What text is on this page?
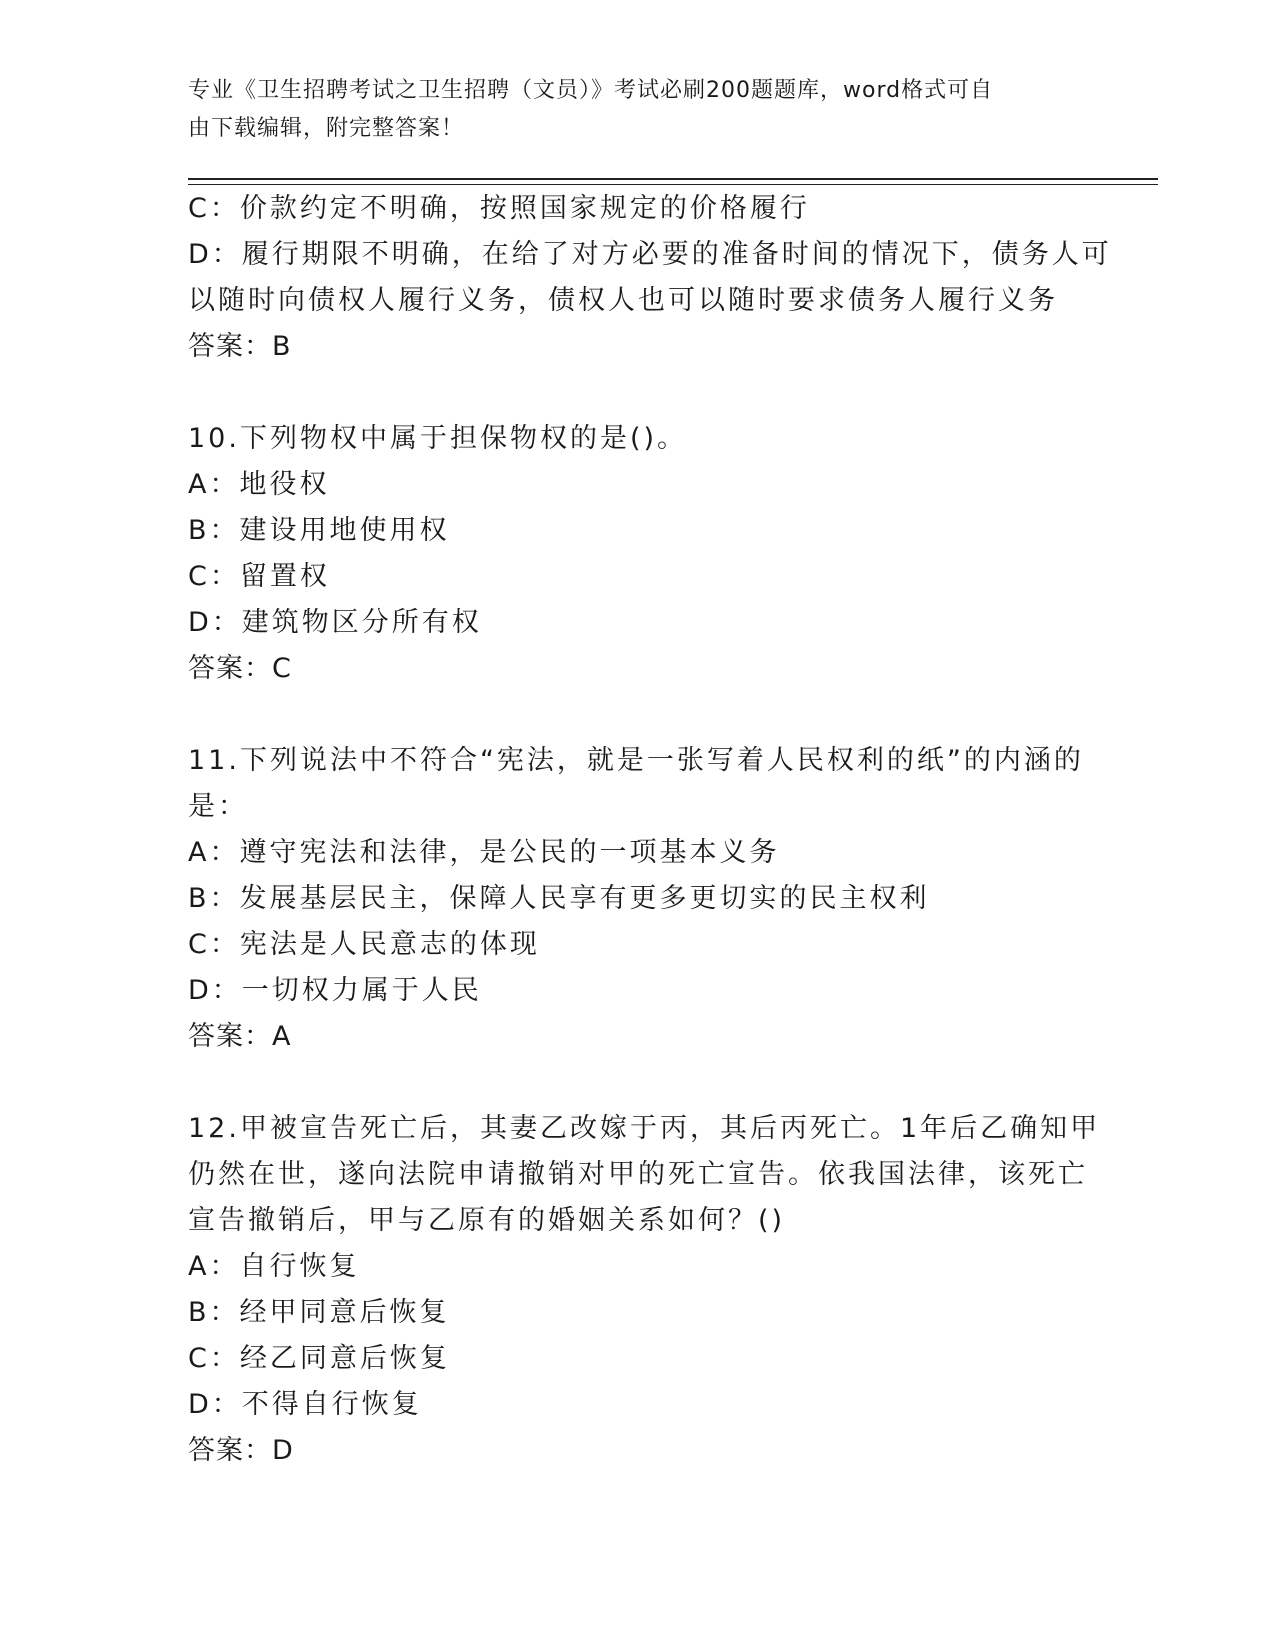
专业《卫生招聘考试之卫生招聘（文员）》考试必刷200题题库，word格式可自
由下载编辑，附完整答案！
C：价款约定不明确，按照国家规定的价格履行
D：履行期限不明确，在给了对方必要的准备时间的情况下，债务人可
以随时向债权人履行义务，债权人也可以随时要求债务人履行义务
答案：B
10.下列物权中属于担保物权的是()。
A：地役权
B：建设用地使用权
C：留置权
D：建筑物区分所有权
答案：C
11.下列说法中不符合“宪法，就是一张写着人民权利的纸”的内涵的
是：
A：遵守宪法和法律，是公民的一项基本义务
B：发展基层民主，保障人民享有更多更切实的民主权利
C：宪法是人民意志的体现
D：一切权力属于人民
答案：A
12.甲被宣告死亡后，其妻乙改嫁于丙，其后丙死亡。1年后乙确知甲
仍然在世，遂向法院申请撤销对甲的死亡宣告。依我国法律，该死亡
宣告撤销后，甲与乙原有的婚姻关系如何？()
A：自行恢复
B：经甲同意后恢复
C：经乙同意后恢复
D：不得自行恢复
答案：D
